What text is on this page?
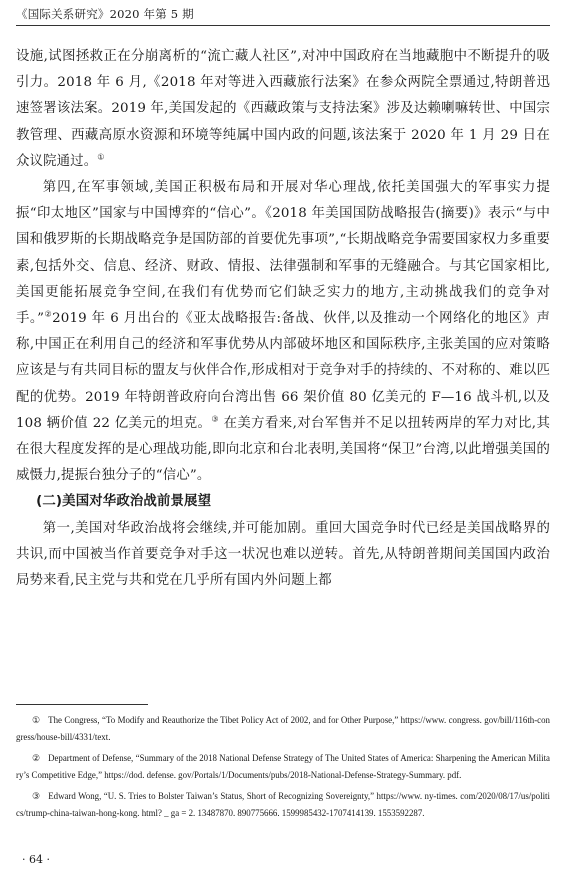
《国际关系研究》2020 年第 5 期

设施,试图拯救正在分崩离析的“流亡藏人社区”,对冲中国政府在当地藏胞中不断提升的吸引力。2018 年 6 月,《2018 年对等进入西藏旅行法案》在参众两院全票通过,特朗普迅速签署该法案。2019 年,美国发起的《西藏政策与支持法案》涉及达赖喇嘛转世、中国宗教管理、西藏高原水资源和环境等纯属中国内政的问题,该法案于 2020 年 1 月 29 日在众议院通过。①

第四,在军事领域,美国正积极布局和开展对华心理战,依托美国强大的军事实力提振“印太地区”国家与中国博弈的“信心”。《2018 年美国国防战略报告(摘要)》表示“与中国和俄罗斯的长期战略竞争是国防部的首要优先事项”,“长期战略竞争需要国家权力多重要素,包括外交、信息、经济、财政、情报、法律强制和军事的无缝融合。与其它国家相比,美国更能拓展竞争空间,在我们有优势而它们缺乏实力的地方,主动挑战我们的竞争对手。”②2019 年 6 月出台的《亚太战略报告:备战、伙伴,以及推动一个网络化的地区》声称,中国正在利用自己的经济和军事优势从内部破坏地区和国际秩序,主张美国的应对策略应该是与有共同目标的盟友与伙伴合作,形成相对于竞争对手的持续的、不对称的、难以匹配的优势。2019 年特朗普政府向台湾出售 66 架价值 80 亿美元的 F—16 战斗机,以及 108 辆价值 22 亿美元的坦克。③ 在美方看来,对台军售并不足以扭转两岸的军力对比,其在很大程度发挥的是心理战功能,即向北京和台北表明,美国将“保卫”台湾,以此增强美国的威慑力,提振台独分子的“信心”。

(二)美国对华政治战前景展望

第一,美国对华政治战将会继续,并可能加剧。重回大国竞争时代已经是美国战略界的共识,而中国被当作首要竞争对手这一状况也难以逆转。首先,从特朗普期间美国国内政治局势来看,民主党与共和党在几乎所有国内外问题上都

① The Congress, “To Modify and Reauthorize the Tibet Policy Act of 2002, and for Other Purpose,” https://www. congress. gov/bill/116th-congress/house-bill/4331/text.

② Department of Defense, “Summary of the 2018 National Defense Strategy of The United States of America: Sharpening the American Military’s Competitive Edge,” https://dod. defense. gov/Portals/1/Documents/pubs/2018-National-Defense-Strategy-Summary. pdf.

③ Edward Wong, “U. S. Tries to Bolster Taiwan’s Status, Short of Recognizing Sovereignty,” https://www. ny-times. com/2020/08/17/us/politics/trump-china-taiwan-hong-kong. html? _ ga = 2. 13487870. 890775666. 1599985432-1707414139. 1553592287.

· 64 ·
